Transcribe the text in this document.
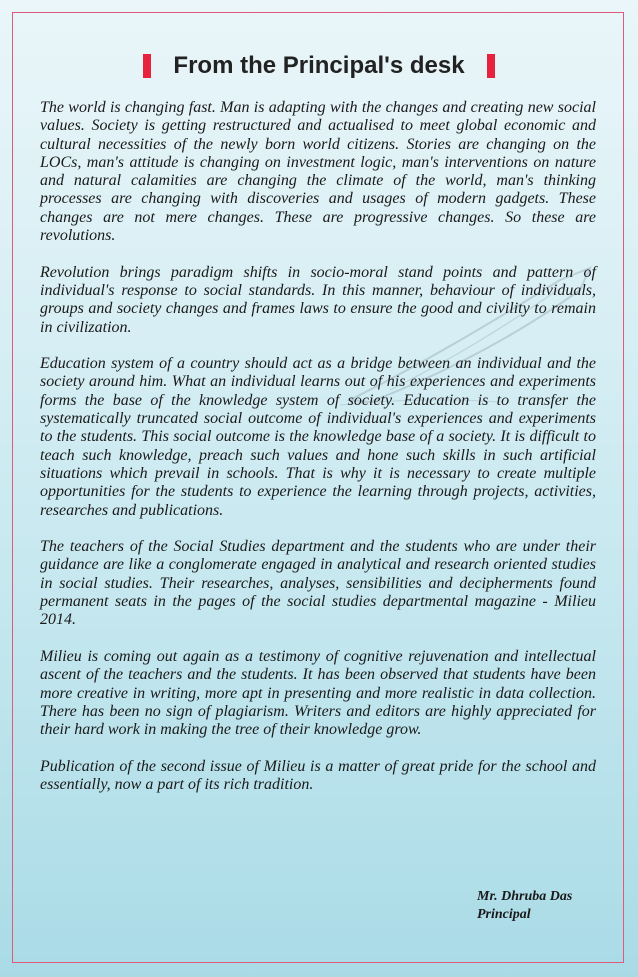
From the Principal's desk

The world is changing fast. Man is adapting with the changes and creating new social values. Society is getting restructured and actualised to meet global economic and cultural necessities of the newly born world citizens. Stories are changing on the LOCs, man's attitude is changing on investment logic, man's interventions on nature and natural calamities are changing the climate of the world, man's thinking processes are changing with discoveries and usages of modern gadgets. These changes are not mere changes. These are progressive changes. So these are revolutions.

Revolution brings paradigm shifts in socio-moral stand points and pattern of individual's response to social standards. In this manner, behaviour of individuals, groups and society changes and frames laws to ensure the good and civility to remain in civilization.

Education system of a country should act as a bridge between an individual and the society around him. What an individual learns out of his experiences and experiments forms the base of the knowledge system of society. Education is to transfer the systematically truncated social outcome of individual's experiences and experiments to the students. This social outcome is the knowledge base of a society. It is difficult to teach such knowledge, preach such values and hone such skills in such artificial situations which prevail in schools. That is why it is necessary to create multiple opportunities for the students to experience the learning through projects, activities, researches and publications.

The teachers of the Social Studies department and the students who are under their guidance are like a conglomerate engaged in analytical and research oriented studies in social studies. Their researches, analyses, sensibilities and decipherments found permanent seats in the pages of the social studies departmental magazine - Milieu 2014.

Milieu is coming out again as a testimony of cognitive rejuvenation and intellectual ascent of the teachers and the students. It has been observed that students have been more creative in writing, more apt in presenting and more realistic in data collection. There has been no sign of plagiarism. Writers and editors are highly appreciated for their hard work in making the tree of their knowledge grow.

Publication of the second issue of Milieu is a matter of great pride for the school and essentially, now a part of its rich tradition.

Mr. Dhruba Das
Principal
